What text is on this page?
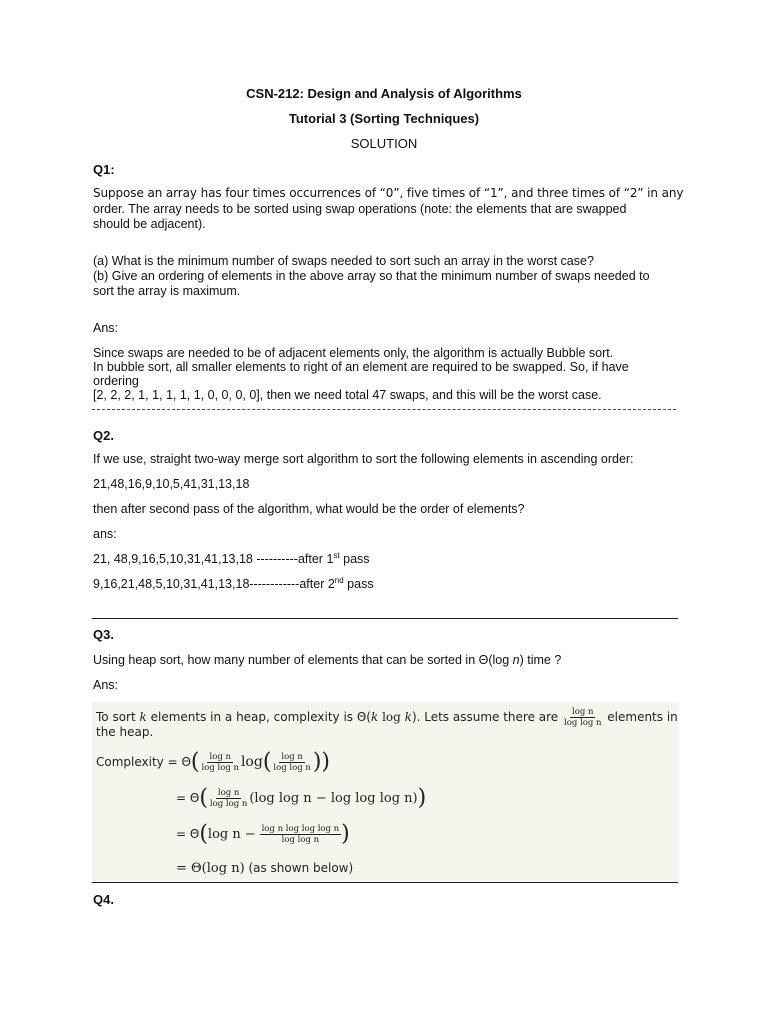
CSN-212: Design and Analysis of Algorithms
Tutorial 3 (Sorting Techniques)
SOLUTION
Q1:
Suppose an array has four times occurrences of “0”, five times of “1”, and three times of “2” in any
order. The array needs to be sorted using swap operations (note: the elements that are swapped
should be adjacent).
(a) What is the minimum number of swaps needed to sort such an array in the worst case?
(b) Give an ordering of elements in the above array so that the minimum number of swaps needed to
sort the array is maximum.
Ans:
Since swaps are needed to be of adjacent elements only, the algorithm is actually Bubble sort.
In bubble sort, all smaller elements to right of an element are required to be swapped. So, if have
ordering
[2, 2, 2, 1, 1, 1, 1, 1, 0, 0, 0, 0], then we need total 47 swaps, and this will be the worst case.
Q2.
If we use, straight two-way merge sort algorithm to sort the following elements in ascending order:
21,48,16,9,10,5,41,31,13,18
then after second pass of the algorithm, what would be the order of elements?
ans:
21, 48,9,16,5,10,31,41,13,18 ----------after 1st pass
9,16,21,48,5,10,31,41,13,18------------after 2nd pass
Q3.
Using heap sort, how many number of elements that can be sorted in Θ(log n) time ?
Ans:
To sort k elements in a heap, complexity is Θ(k log k). Lets assume there are $\frac{\text{log n}}{\text{log log n}}$ elements in
the heap.
Complexity = $\Theta( \frac{\text{log n}}{\text{log log n}} \log( \frac{\text{log n}}{\text{log log n}}$ ))
= $\Theta( \frac{\text{log n}}{\text{log log n}} (\log$ log n − log log log n))
= Θ(log $n - \frac{\text{log n log log log n}}{\text{log log n}}$ )
= Θ(log n) (as shown below)
Q4.
